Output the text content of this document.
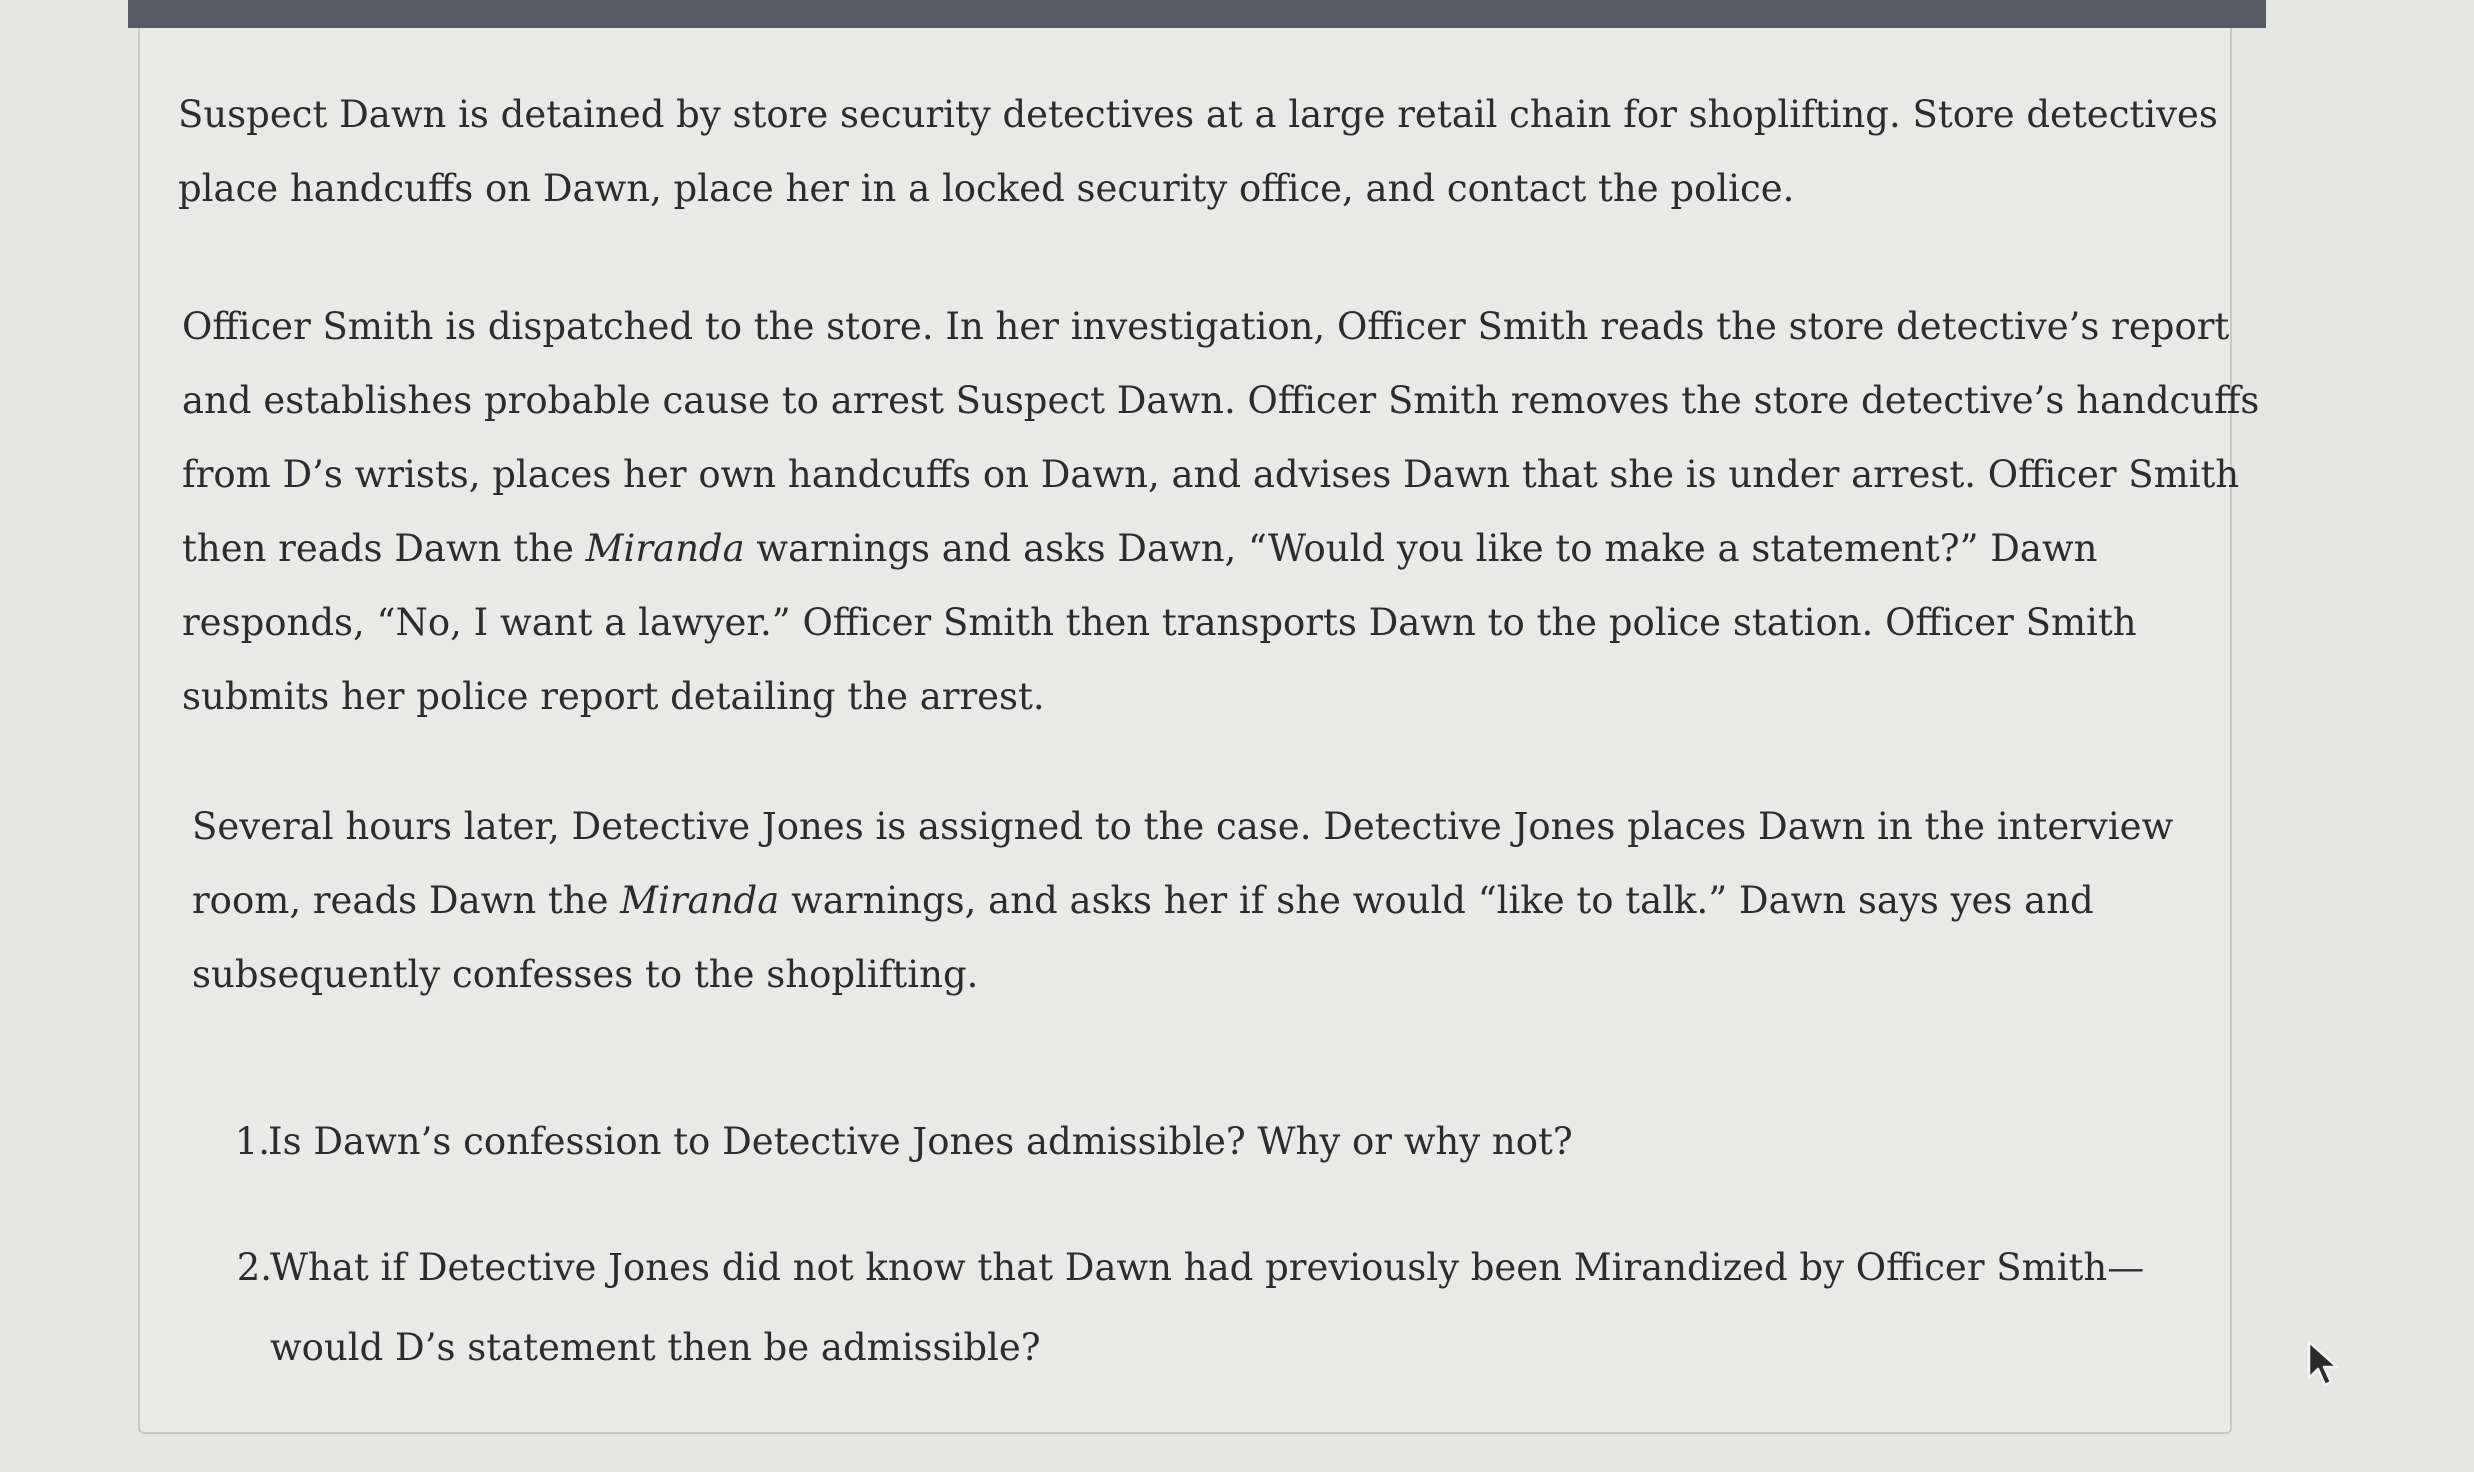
Suspect Dawn is detained by store security detectives at a large retail chain for shoplifting. Store detectives place handcuffs on Dawn, place her in a locked security office, and contact the police.

Officer Smith is dispatched to the store. In her investigation, Officer Smith reads the store detective’s report and establishes probable cause to arrest Suspect Dawn. Officer Smith removes the store detective’s handcuffs from D’s wrists, places her own handcuffs on Dawn, and advises Dawn that she is under arrest. Officer Smith then reads Dawn the Miranda warnings and asks Dawn, “Would you like to make a statement?” Dawn responds, “No, I want a lawyer.” Officer Smith then transports Dawn to the police station. Officer Smith submits her police report detailing the arrest.

Several hours later, Detective Jones is assigned to the case. Detective Jones places Dawn in the interview room, reads Dawn the Miranda warnings, and asks her if she would “like to talk.” Dawn says yes and subsequently confesses to the shoplifting.

1.
Is Dawn’s confession to Detective Jones admissible? Why or why not?
2.
What if Detective Jones did not know that Dawn had previously been Mirandized by Officer Smith—would D’s statement then be admissible?
